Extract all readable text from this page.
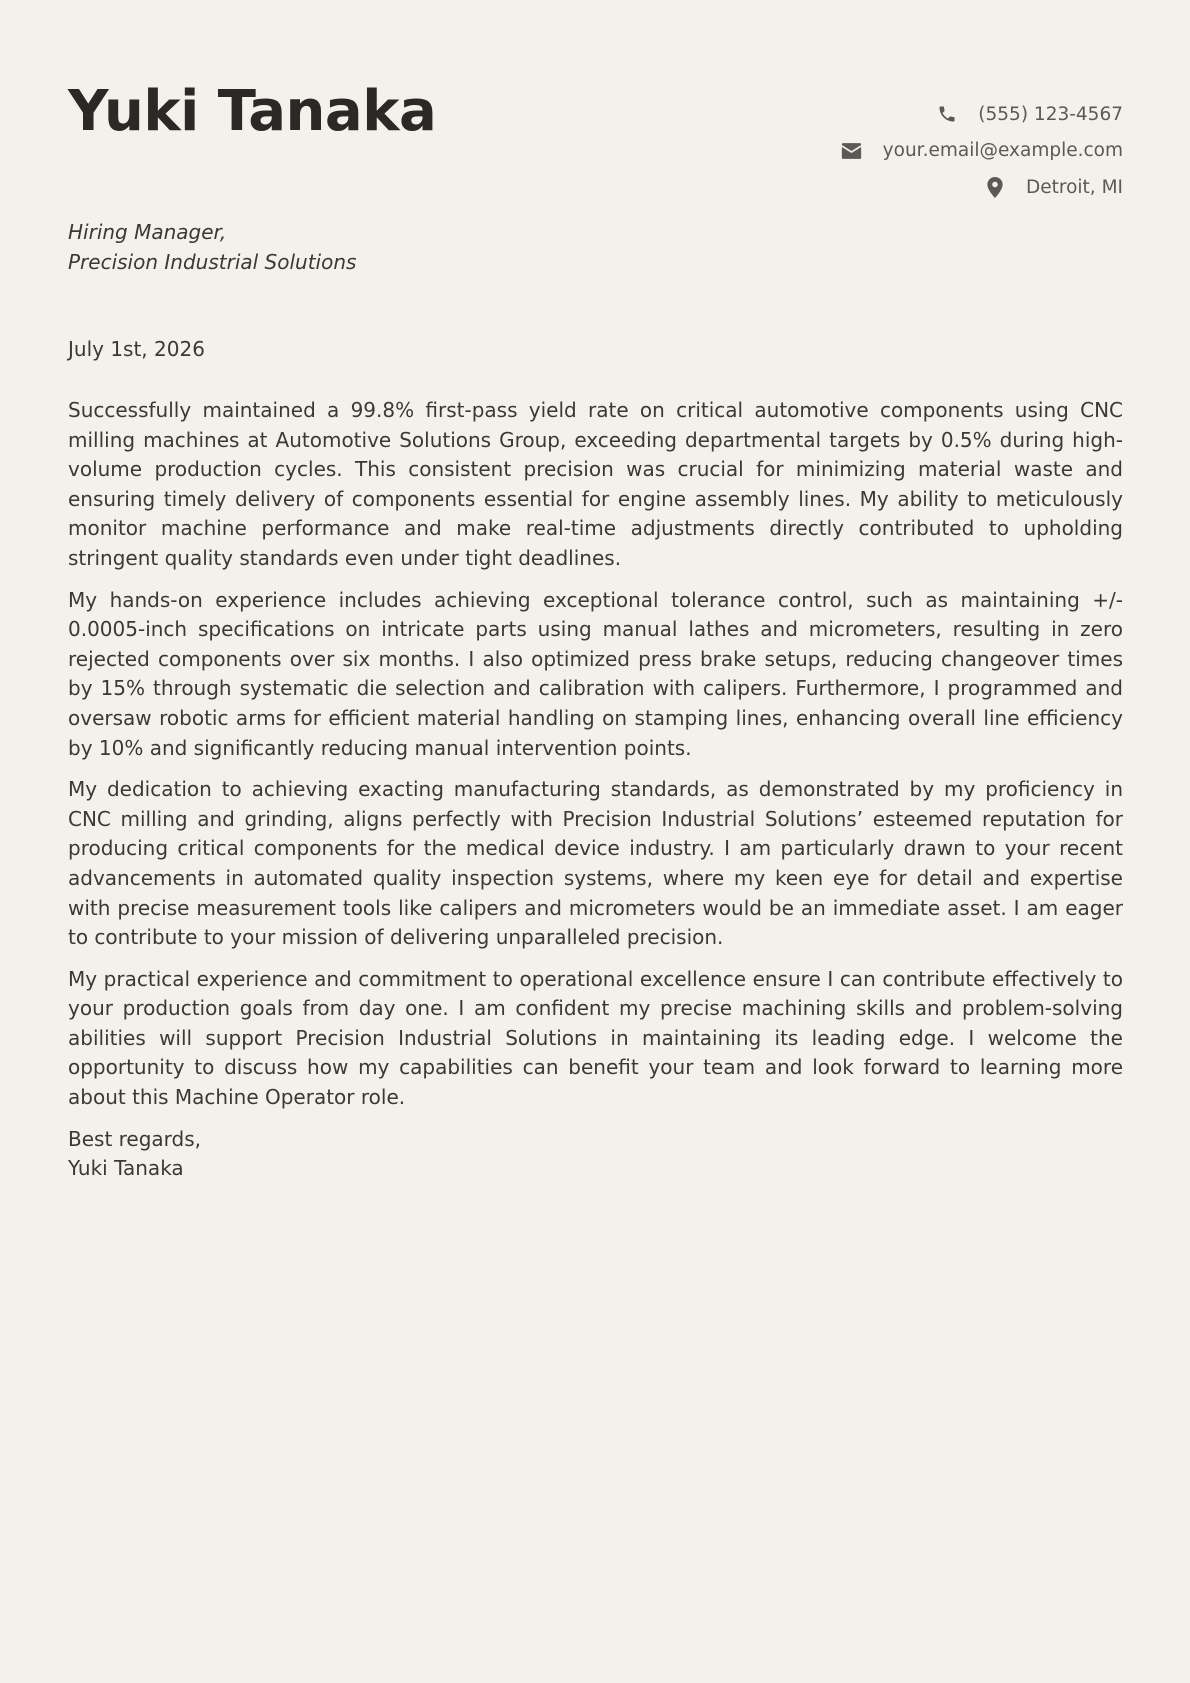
Yuki Tanaka	(555) 123-4567
your.email@example.com
Detroit, MI
Hiring Manager,
Precision Industrial Solutions
July 1st, 2026

Successfully maintained a 99.8% first-pass yield rate on critical automotive components using CNC milling machines at Automotive Solutions Group, exceeding departmental targets by 0.5% during high-volume production cycles. This consistent precision was crucial for minimizing material waste and ensuring timely delivery of components essential for engine assembly lines. My ability to meticulously monitor machine performance and make real-time adjustments directly contributed to upholding stringent quality standards even under tight deadlines.

My hands-on experience includes achieving exceptional tolerance control, such as maintaining +/- 0.0005-inch specifications on intricate parts using manual lathes and micrometers, resulting in zero rejected components over six months. I also optimized press brake setups, reducing changeover times by 15% through systematic die selection and calibration with calipers. Furthermore, I programmed and oversaw robotic arms for efficient material handling on stamping lines, enhancing overall line efficiency by 10% and significantly reducing manual intervention points.

My dedication to achieving exacting manufacturing standards, as demonstrated by my proficiency in CNC milling and grinding, aligns perfectly with Precision Industrial Solutions’ esteemed reputation for producing critical components for the medical device industry. I am particularly drawn to your recent advancements in automated quality inspection systems, where my keen eye for detail and expertise with precise measurement tools like calipers and micrometers would be an immediate asset. I am eager to contribute to your mission of delivering unparalleled precision.

My practical experience and commitment to operational excellence ensure I can contribute effectively to your production goals from day one. I am confident my precise machining skills and problem-solving abilities will support Precision Industrial Solutions in maintaining its leading edge. I welcome the opportunity to discuss how my capabilities can benefit your team and look forward to learning more about this Machine Operator role.

Best regards,
Yuki Tanaka
